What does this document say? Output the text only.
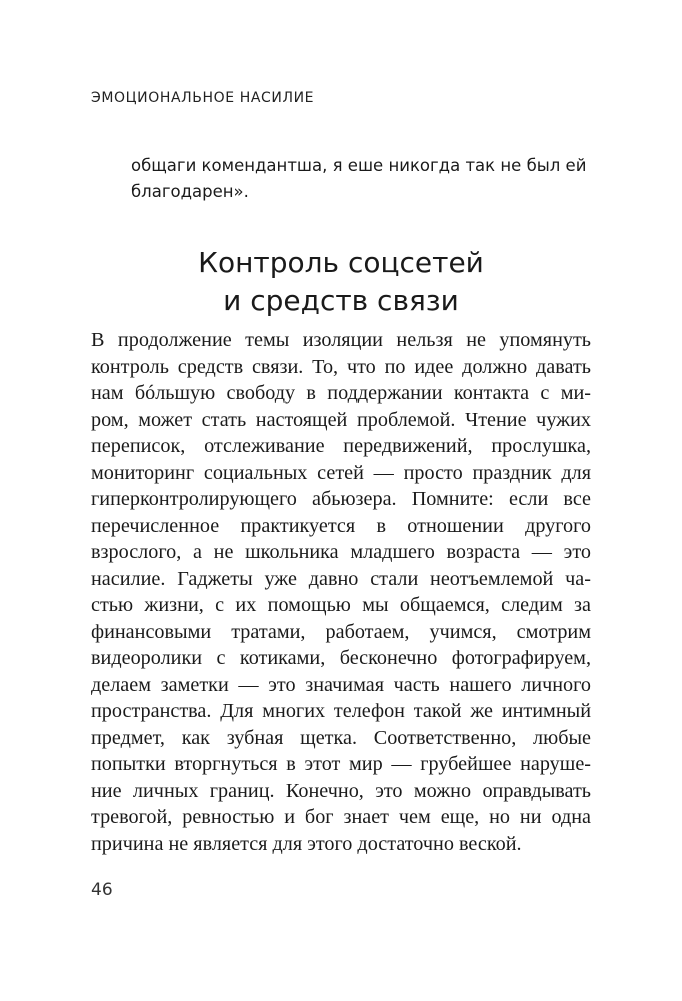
ЭМОЦИОНАЛЬНОЕ НАСИЛИЕ
общаги комендантша, я еше никогда так не был ей
благодарен».
Контроль соцсетей
и средств связи
В продолжение темы изоляции нельзя не упомянуть
контроль средств связи. То, что по идее должно давать
нам бóльшую свободу в поддержании контакта с ми-
ром, может стать настоящей проблемой. Чтение чужих
переписок, отслеживание передвижений, прослушка,
мониторинг социальных сетей — просто праздник для
гиперконтролирующего абьюзера. Помните: если все
перечисленное практикуется в отношении другого
взрослого, а не школьника младшего возраста — это
насилие. Гаджеты уже давно стали неотъемлемой ча-
стью жизни, с их помощью мы общаемся, следим за
финансовыми тратами, работаем, учимся, смотрим
видеоролики с котиками, бесконечно фотографируем,
делаем заметки — это значимая часть нашего личного
пространства. Для многих телефон такой же интимный
предмет, как зубная щетка. Соответственно, любые
попытки вторгнуться в этот мир — грубейшее наруше-
ние личных границ. Конечно, это можно оправдывать
тревогой, ревностью и бог знает чем еще, но ни одна
причина не является для этого достаточно веской.
46
